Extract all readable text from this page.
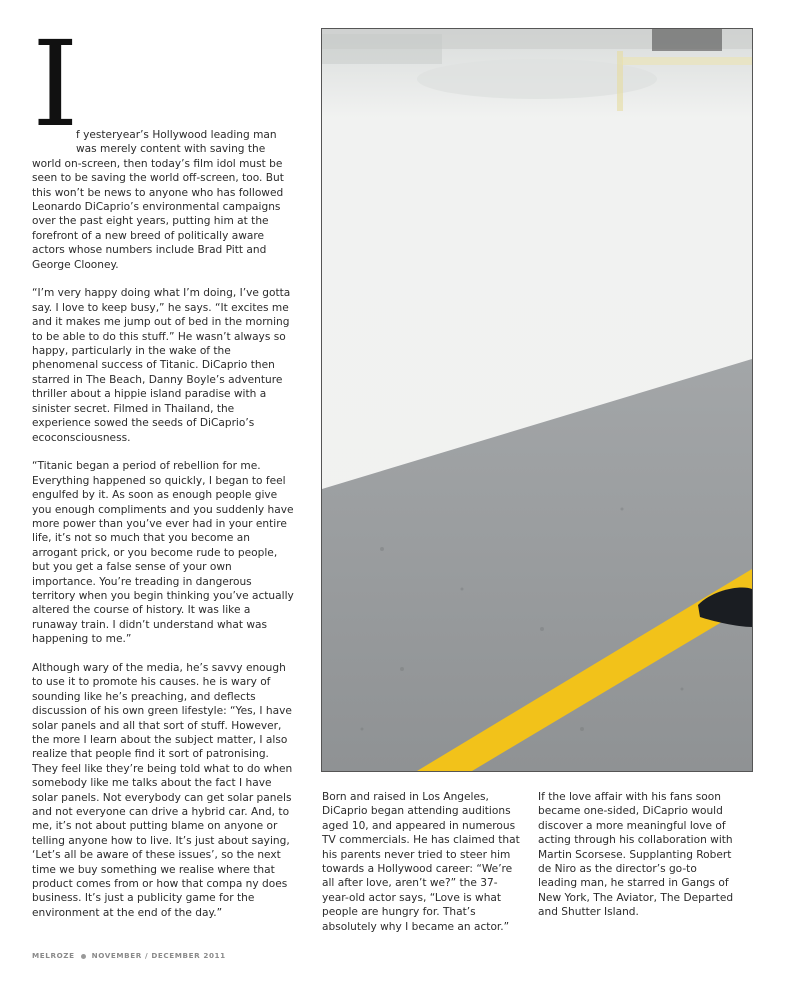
I

f yesteryear’s Hollywood leading man was merely content with saving the world on-screen, then today’s film idol must be seen to be saving the world off-screen, too. But this won’t be news to anyone who has followed Leonardo DiCaprio’s environmental campaigns over the past eight years, putting him at the forefront of a new breed of politically aware actors whose numbers include Brad Pitt and George Clooney.

“I’m very happy doing what I’m doing, I’ve gotta say. I love to keep busy,” he says. “It excites me and it makes me jump out of bed in the morning to be able to do this stuff.” He wasn’t always so happy, particularly in the wake of the phenomenal success of Titanic. DiCaprio then starred in The Beach, Danny Boyle’s adventure thriller about a hippie island paradise with a sinister secret. Filmed in Thailand, the experience sowed the seeds of DiCaprio’s ecoconsciousness.

“Titanic began a period of rebellion for me. Everything happened so quickly, I began to feel engulfed by it. As soon as enough people give you enough compliments and you suddenly have more power than you’ve ever had in your entire life, it’s not so much that you become an arrogant prick, or you become rude to people, but you get a false sense of your own importance. You’re treading in dangerous territory when you begin thinking you’ve actually altered the course of history. It was like a runaway train. I didn’t understand what was happening to me.”

Although wary of the media, he’s savvy enough to use it to promote his causes. he is wary of sounding like he’s preaching, and deflects discussion of his own green lifestyle: “Yes, I have solar panels and all that sort of stuff. However, the more I learn about the subject matter, I also realize that people find it sort of patronising. They feel like they’re being told what to do when somebody like me talks about the fact I have solar panels. Not everybody can get solar panels and not everyone can drive a hybrid car. And, to me, it’s not about putting blame on anyone or telling anyone how to live. It’s just about saying, ‘Let’s all be aware of these issues’, so the next time we buy something we realise where that product comes from or how that compa ny does business. It’s just a publicity game for the environment at the end of the day.”

Born and raised in Los Angeles, DiCaprio began attending auditions aged 10, and appeared in numerous TV commercials. He has claimed that his parents never tried to steer him towards a Hollywood career: “We’re all after love, aren’t we?” the 37-year-old actor says, “Love is what people are hungry for. That’s absolutely why I became an actor.”

If the love affair with his fans soon became one-sided, DiCaprio would discover a more meaningful love of acting through his collaboration with Martin Scorsese. Supplanting Robert de Niro as the director’s go-to leading man, he starred in Gangs of New York, The Aviator, The Departed and Shutter Island.

MELROZE NOVEMBER / DECEMBER 2011
